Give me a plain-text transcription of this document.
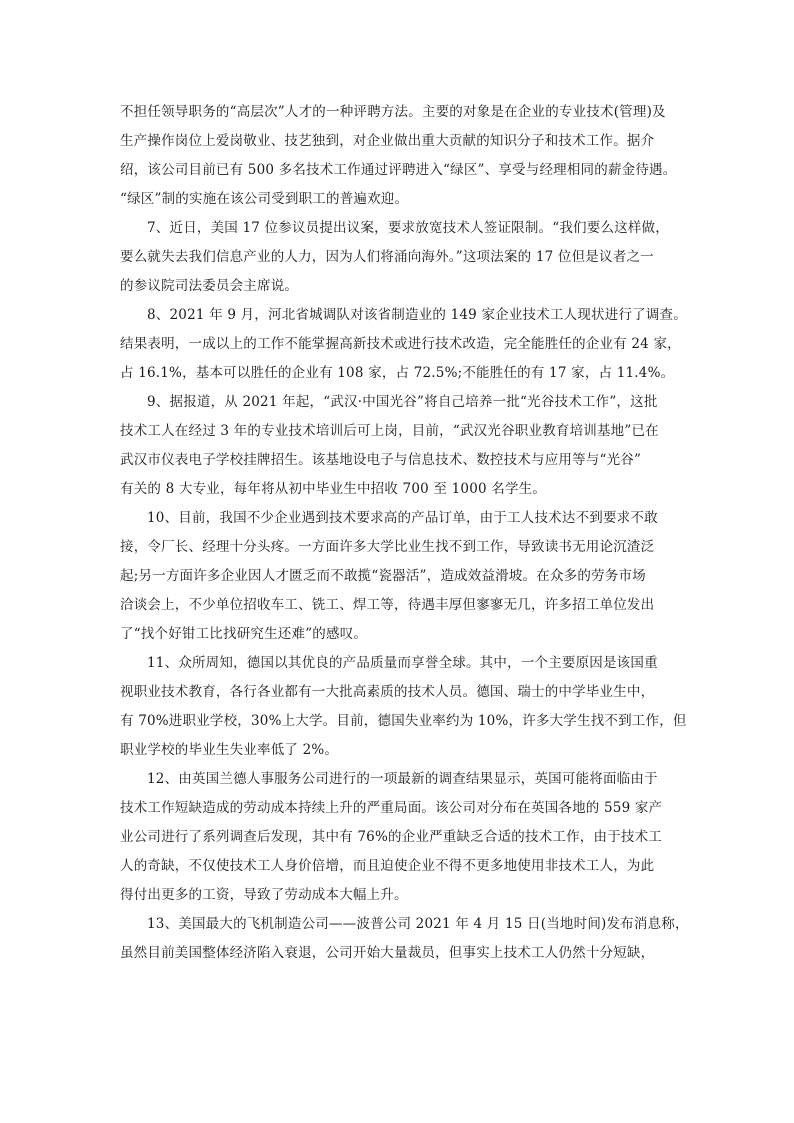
不担任领导职务的“高层次”人才的一种评聘方法。主要的对象是在企业的专业技术(管理)及
生产操作岗位上爱岗敬业、技艺独到，对企业做出重大贡献的知识分子和技术工作。据介
绍，该公司目前已有 500 多名技术工作通过评聘进入“绿区”、享受与经理相同的薪金待遇。
“绿区”制的实施在该公司受到职工的普遍欢迎。
7、近日，美国 17 位参议员提出议案，要求放宽技术人签证限制。“我们要么这样做，
要么就失去我们信息产业的人力，因为人们将涌向海外。”这项法案的 17 位但是议者之一
的参议院司法委员会主席说。
8、2021 年 9 月，河北省城调队对该省制造业的 149 家企业技术工人现状进行了调查。
结果表明，一成以上的工作不能掌握高新技术或进行技术改造，完全能胜任的企业有 24 家，
占 16.1%，基本可以胜任的企业有 108 家，占 72.5%;不能胜任的有 17 家，占 11.4%。
9、据报道，从 2021 年起，“武汉·中国光谷”将自己培养一批“光谷技术工作”，这批
技术工人在经过 3 年的专业技术培训后可上岗，目前，“武汉光谷职业教育培训基地”已在
武汉市仪表电子学校挂牌招生。该基地设电子与信息技术、数控技术与应用等与“光谷”
有关的 8 大专业，每年将从初中毕业生中招收 700 至 1000 名学生。
10、目前，我国不少企业遇到技术要求高的产品订单，由于工人技术达不到要求不敢
接，令厂长、经理十分头疼。一方面许多大学比业生找不到工作，导致读书无用论沉渣泛
起;另一方面许多企业因人才匮乏而不敢揽“瓷器活”，造成效益滑坡。在众多的劳务市场
洽谈会上，不少单位招收车工、铣工、焊工等，待遇丰厚但寥寥无几，许多招工单位发出
了“找个好钳工比找研究生还难”的感叹。
11、众所周知，德国以其优良的产品质量而享誉全球。其中，一个主要原因是该国重
视职业技术教育，各行各业都有一大批高素质的技术人员。德国、瑞士的中学毕业生中，
有 70%进职业学校，30%上大学。目前，德国失业率约为 10%，许多大学生找不到工作，但
职业学校的毕业生失业率低了 2%。
12、由英国兰德人事服务公司进行的一项最新的调查结果显示，英国可能将面临由于
技术工作短缺造成的劳动成本持续上升的严重局面。该公司对分布在英国各地的 559 家产
业公司进行了系列调查后发现，其中有 76%的企业严重缺乏合适的技术工作，由于技术工
人的奇缺，不仅使技术工人身价倍增，而且迫使企业不得不更多地使用非技术工人，为此
得付出更多的工资，导致了劳动成本大幅上升。
13、美国最大的飞机制造公司——波普公司 2021 年 4 月 15 日(当地时间)发布消息称，
虽然目前美国整体经济陷入衰退，公司开始大量裁员，但事实上技术工人仍然十分短缺，
